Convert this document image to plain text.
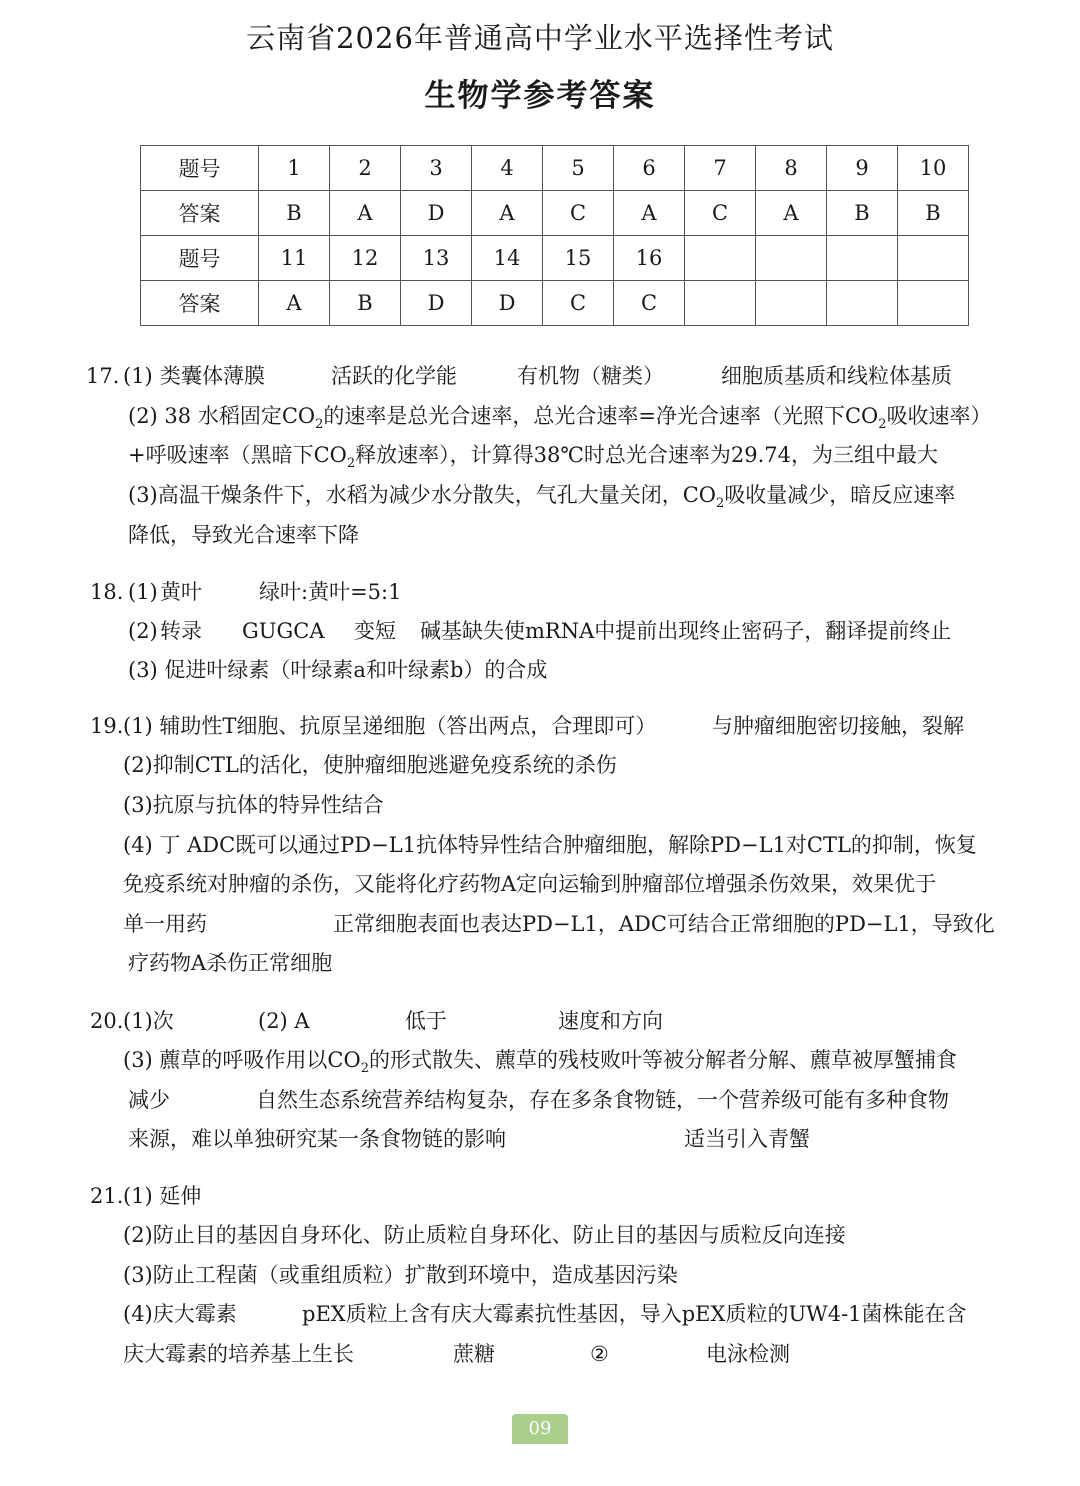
云南省2026年普通高中学业水平选择性考试
生物学参考答案
题号	1	2	3	4	5	6	7	8	9	10
答案	B	A	D	A	C	A	C	A	B	B
题号	11	12	13	14	15	16				
答案	A	B	D	D	C	C				
17. (1) 类囊体薄膜	活跃的化学能	有机物（糖类）	细胞质基质和线粒体基质
(2) 38 水稻固定$CO_2$的速率是总光合速率，总光合速率=净光合速率（光照下$CO_2$吸收速率）
+呼吸速率（黑暗下$CO_2$释放速率），计算得38℃时总光合速率为29.74，为三组中最大
(3)高温干燥条件下，水稻为减少水分散失，气孔大量关闭，$CO_2$吸收量减少，暗反应速率
降低，导致光合速率下降
18. (1) 黄叶	绿叶:黄叶=5:1
(2) 转录 GUGCA 变短 碱基缺失使mRNA中提前出现终止密码子，翻译提前终止
(3) 促进叶绿素（叶绿素a和叶绿素b）的合成
19. (1) 辅助性T细胞、抗原呈递细胞（答出两点，合理即可）	与肿瘤细胞密切接触，裂解
(2)抑制CTL的活化，使肿瘤细胞逃避免疫系统的杀伤
(3)抗原与抗体的特异性结合
(4) 丁 ADC既可以通过PD−L1抗体特异性结合肿瘤细胞，解除PD−L1对CTL的抑制，恢复
免疫系统对肿瘤的杀伤，又能将化疗药物A定向运输到肿瘤部位增强杀伤效果，效果优于
单一用药	正常细胞表面也表达PD−L1，ADC可结合正常细胞的PD−L1，导致化
疗药物A杀伤正常细胞
20. (1)次	(2) A	低于	速度和方向
(3) 藨草的呼吸作用以$CO_2$的形式散失、藨草的残枝败叶等被分解者分解、藨草被厚蟹捕食
减少	自然生态系统营养结构复杂，存在多条食物链，一个营养级可能有多种食物
来源，难以单独研究某一条食物链的影响	适当引入青蟹
21. (1) 延伸
(2)防止目的基因自身环化、防止质粒自身环化、防止目的基因与质粒反向连接
(3)防止工程菌（或重组质粒）扩散到环境中，造成基因污染
(4)庆大霉素	pEX质粒上含有庆大霉素抗性基因，导入pEX质粒的UW4-1菌株能在含
庆大霉素的培养基上生长	蔗糖	②	电泳检测
09
